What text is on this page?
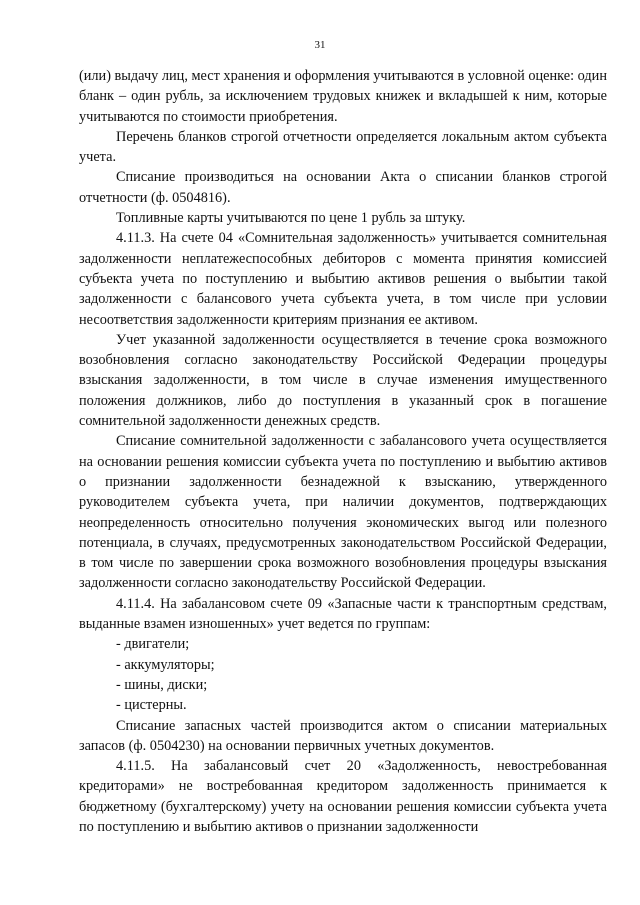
31

(или) выдачу лиц, мест хранения и оформления учитываются в условной оценке: один бланк – один рубль, за исключением трудовых книжек и вкладышей к ним, которые учитываются по стоимости приобретения.

Перечень бланков строгой отчетности определяется локальным актом субъекта учета.

Списание производиться на основании Акта о списании бланков строгой отчетности (ф. 0504816).

Топливные карты учитываются по цене 1 рубль за штуку.

4.11.3. На счете 04 «Сомнительная задолженность» учитывается сомнительная задолженности неплатежеспособных дебиторов с момента принятия комиссией субъекта учета по поступлению и выбытию активов решения о выбытии такой задолженности с балансового учета субъекта учета, в том числе при условии несоответствия задолженности критериям признания ее активом.

Учет указанной задолженности осуществляется в течение срока возможного возобновления согласно законодательству Российской Федерации процедуры взыскания задолженности, в том числе в случае изменения имущественного положения должников, либо до поступления в указанный срок в погашение сомнительной задолженности денежных средств.

Списание сомнительной задолженности с забалансового учета осуществляется на основании решения комиссии субъекта учета по поступлению и выбытию активов о признании задолженности безнадежной к взысканию, утвержденного руководителем субъекта учета, при наличии документов, подтверждающих неопределенность относительно получения экономических выгод или полезного потенциала, в случаях, предусмотренных законодательством Российской Федерации, в том числе по завершении срока возможного возобновления процедуры взыскания задолженности согласно законодательству Российской Федерации.

4.11.4. На забалансовом счете 09 «Запасные части к транспортным средствам, выданные взамен изношенных» учет ведется по группам:

- двигатели;

- аккумуляторы;

- шины, диски;

- цистерны.

Списание запасных частей производится актом о списании материальных запасов (ф. 0504230) на основании первичных учетных документов.

4.11.5. На забалансовый счет 20 «Задолженность, невостребованная кредиторами» не востребованная кредитором задолженность принимается к бюджетному (бухгалтерскому) учету на основании решения комиссии субъекта учета по поступлению и выбытию активов о признании задолженности
